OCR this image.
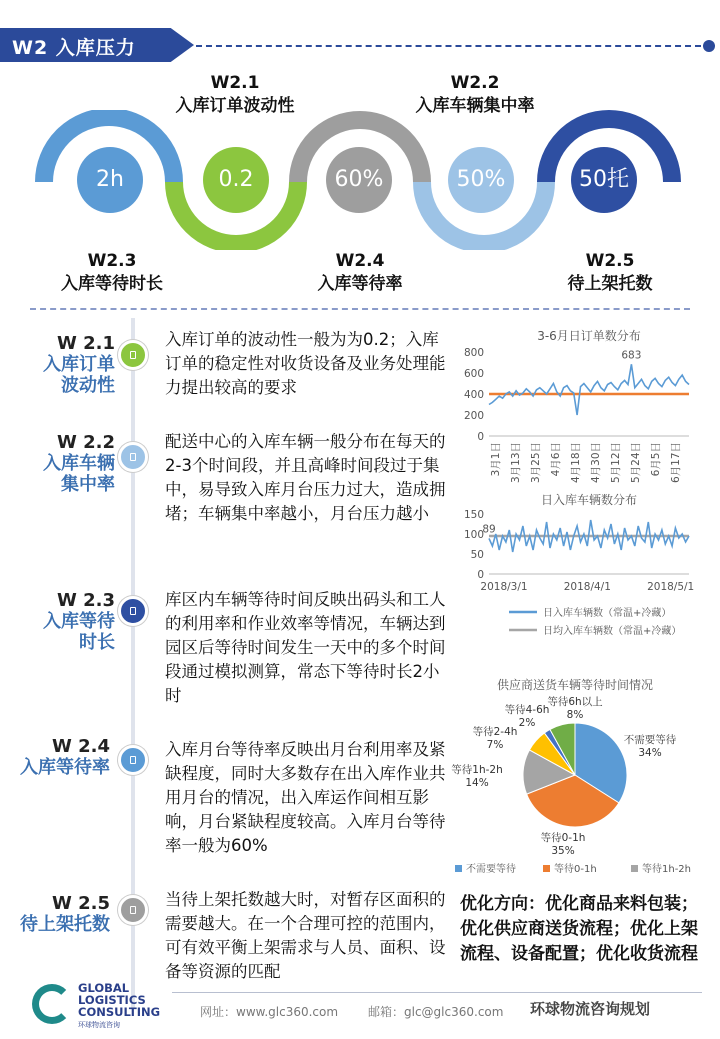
W2 入库压力
W2.1
入库订单波动性
W2.2
入库车辆集中率
2h	0.2	60%	50%	50托
W2.3
入库等待时长
W2.4
入库等待率
W2.5
待上架托数
W 2.1
入库订单
波动性
入库订单的波动性一般为为0.2；入库订单的稳定性对收货设备及业务处理能力提出较高的要求
W 2.2
入库车辆
集中率
配送中心的入库车辆一般分布在每天的2-3个时间段，并且高峰时间段过于集中，易导致入库月台压力过大，造成拥堵；车辆集中率越小，月台压力越小
W 2.3
入库等待
时长
库区内车辆等待时间反映出码头和工人的利用率和作业效率等情况，车辆达到园区后等待时间发生一天中的多个时间段通过模拟测算，常态下等待时长2小时
W 2.4
入库等待率
入库月台等待率反映出月台利用率及紧缺程度，同时大多数存在出入库作业共用月台的情况，出入库运作间相互影响，月台紧缺程度较高。入库月台等待率一般为60%
W 2.5
待上架托数
当待上架托数越大时，对暂存区面积的需要越大。在一个合理可控的范围内，可有效平衡上架需求与人员、面积、设备等资源的匹配
3-6月日订单数分布
0
200
400
600
800	683
3月1日 3月13日 3月25日 4月6日 4月18日 4月30日 5月12日 5月24日 6月5日 6月17日
日入库车辆数分布
0
50
100
150
89
2018/3/1	2018/4/1	2018/5/1
日入库车辆数（常温+冷藏）
日均入库车辆数（常温+冷藏）
供应商送货车辆等待时间情况
不需要等待
34%
等待0-1h
35%
等待1h-2h
14%
等待2-4h
7%
等待4-6h
2%
等待6h以上
8%
不需要等待	等待0-1h	等待1h-2h
优化方向：优化商品来料包装；优化供应商送货流程；优化上架流程、设备配置；优化收货流程
GLOBAL
LOGISTICS
CONSULTING
环球物流咨询
网址：www.glc360.com 邮箱：glc@glc360.com 环球物流咨询规划
